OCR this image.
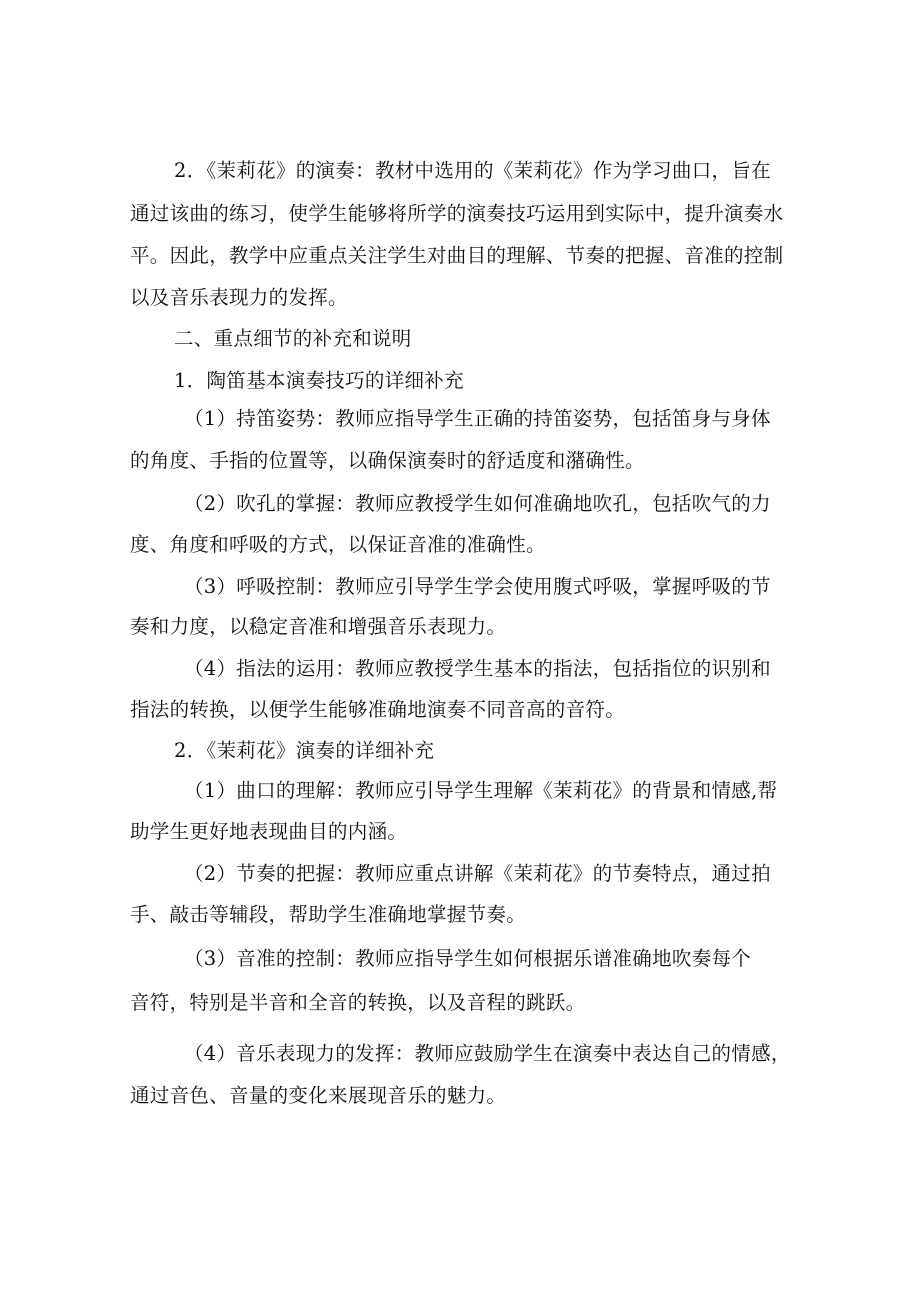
2．《茉莉花》的演奏：教材中选用的《茉莉花》作为学习曲口，旨在
通过该曲的练习，使学生能够将所学的演奏技巧运用到实际中，提升演奏水
平。因此，教学中应重点关注学生对曲目的理解、节奏的把握、音准的控制
以及音乐表现力的发挥。
二、重点细节的补充和说明
1．陶笛基本演奏技巧的详细补充
（1）持笛姿势：教师应指导学生正确的持笛姿势，包括笛身与身体
的角度、手指的位置等，以确保演奏时的舒适度和潴确性。
（2）吹孔的掌握：教师应教授学生如何准确地吹孔，包括吹气的力
度、角度和呼吸的方式，以保证音准的准确性。
（3）呼吸控制：教师应引导学生学会使用腹式呼吸，掌握呼吸的节
奏和力度，以稳定音准和增强音乐表现力。
（4）指法的运用：教师应教授学生基本的指法，包括指位的识别和
指法的转换，以便学生能够准确地演奏不同音高的音符。
2．《茉莉花》演奏的详细补充
（1）曲口的理解：教师应引导学生理解《茉莉花》的背景和情感,帮
助学生更好地表现曲目的内涵。
（2）节奏的把握：教师应重点讲解《茉莉花》的节奏特点，通过拍
手、敲击等辅段，帮助学生准确地掌握节奏。
（3）音准的控制：教师应指导学生如何根据乐谱准确地吹奏每个
音符，特别是半音和全音的转换，以及音程的跳跃。
（4）音乐表现力的发挥：教师应鼓励学生在演奏中表达自己的情感，
通过音色、音量的变化来展现音乐的魅力。
